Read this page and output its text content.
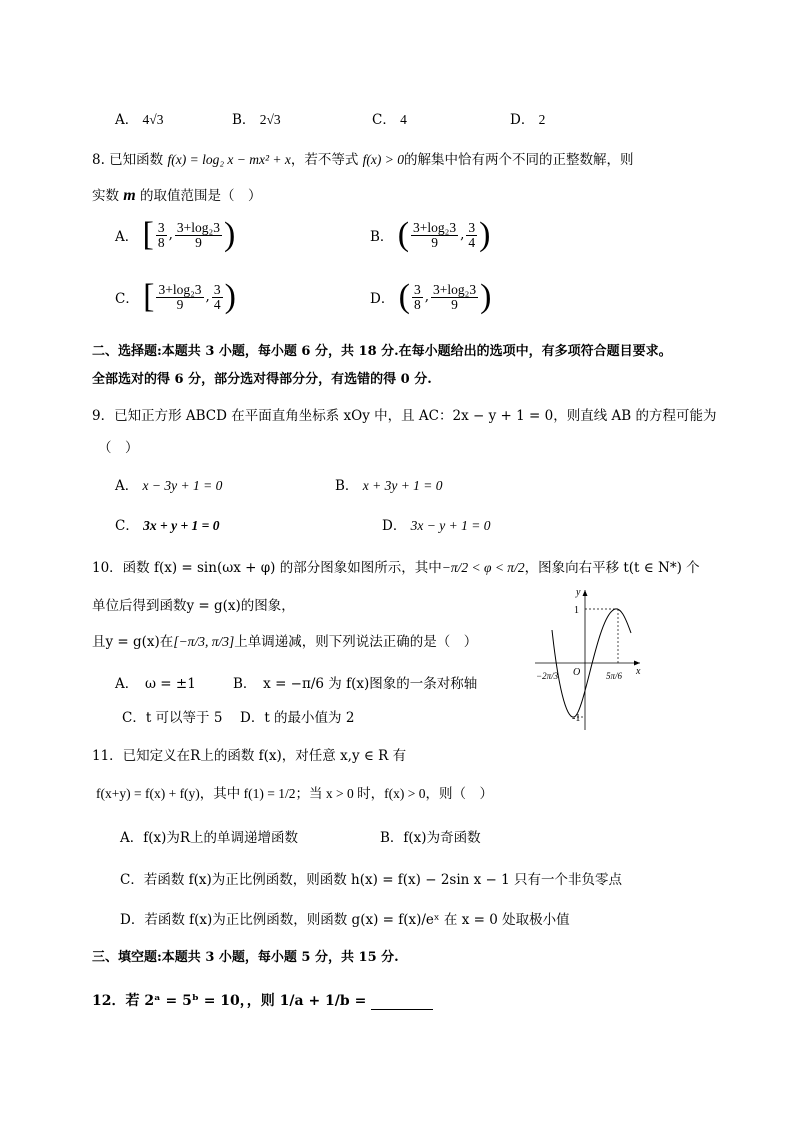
A． 4√3	B． 2√3	C． 4	D． 2
8. 已知函数 f(x) = log₂ x − mx² + x，若不等式 f(x) > 0的解集中恰有两个不同的正整数解，则
实数 m 的取值范围是（　）
A． [ $\frac{3}{8}$ , $\frac{\text{3+log₂3}}{9}$ )	B． ( $\frac{\text{3+log₂3}}{9}$ , $\frac{3}{4}$ )
C． [ $\frac{\text{3+log₂3}}{9}$ , $\frac{3}{4}$ )	D． ( $\frac{3}{8}$ , $\frac{\text{3+log₂3}}{9}$ )
二、选择题:本题共 3 小题，每小题 6 分，共 18 分.在每小题给出的选项中，有多项符合题目要求。
全部选对的得 6 分，部分选对得部分分，有选错的得 0 分.
9．已知正方形 ABCD 在平面直角坐标系 xOy 中，且 AC：2x − y + 1 = 0，则直线 AB 的方程可能为
（　）
A． x − 3y + 1 = 0	B． x + 3y + 1 = 0
C． 3x + y + 1 = 0	D． 3x − y + 1 = 0
10．函数 f(x) = sin(ωx + φ) 的部分图象如图所示，其中−π/2 < φ < π/2，图象向右平移 t(t ∈ N*) 个
单位后得到函数y = g(x)的图象，
且y = g(x)在[−π/3, π/3]上单调递减，则下列说法正确的是（　）
A．　ω = ±1	B．　x = −π/6 为 f(x)图象的一条对称轴
C．t 可以等于 5 D．t 的最小值为 2
y
x
O
1
-1
−2π/3	5π/6
11．已知定义在R上的函数 f(x)，对任意 x,y ∈ R 有
f(x+y) = f(x) + f(y)，其中 f(1) = 1/2；当 x > 0 时，f(x) > 0，则（　）
A．f(x)为R上的单调递增函数	B．f(x)为奇函数
C．若函数 f(x)为正比例函数，则函数 h(x) = f(x) − 2sin x − 1 只有一个非负零点
D．若函数 f(x)为正比例函数，则函数 g(x) = f(x)/eˣ 在 x = 0 处取极小值
三、填空题:本题共 3 小题，每小题 5 分，共 15 分.
12．若 2ᵃ = 5ᵇ = 10，，则 1/a + 1/b =
